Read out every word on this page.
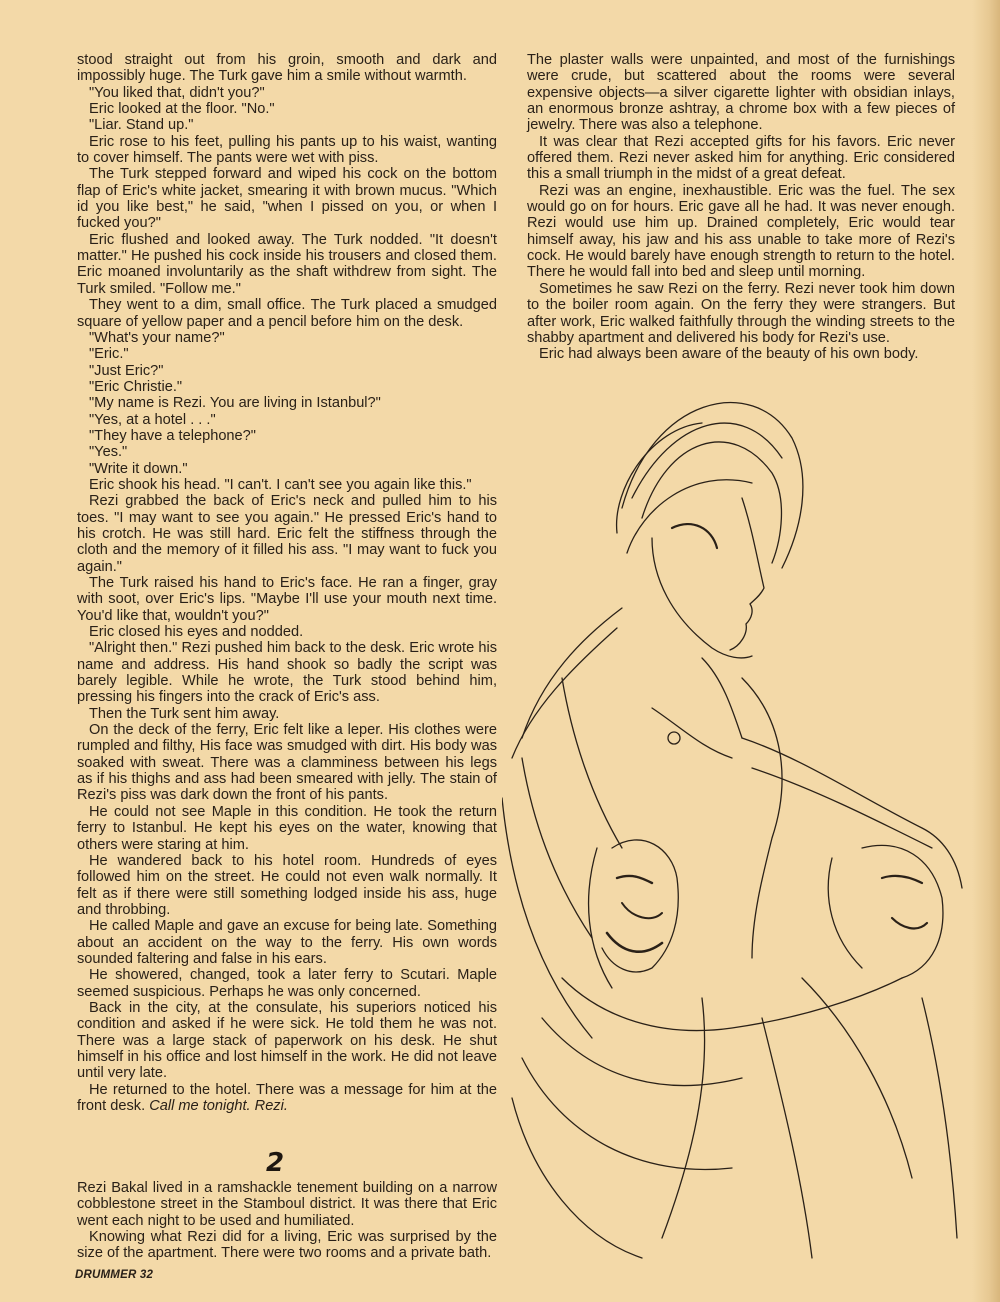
stood straight out from his groin, smooth and dark and impossibly huge. The Turk gave him a smile without warmth.

"You liked that, didn't you?"

Eric looked at the floor. "No."

"Liar. Stand up."

Eric rose to his feet, pulling his pants up to his waist, wanting to cover himself. The pants were wet with piss.

The Turk stepped forward and wiped his cock on the bottom flap of Eric's white jacket, smearing it with brown mucus. "Which id you like best," he said, "when I pissed on you, or when I fucked you?"

Eric flushed and looked away. The Turk nodded. "It doesn't matter." He pushed his cock inside his trousers and closed them. Eric moaned involuntarily as the shaft withdrew from sight. The Turk smiled. "Follow me."

They went to a dim, small office. The Turk placed a smudged square of yellow paper and a pencil before him on the desk.

"What's your name?"

"Eric."

"Just Eric?"

"Eric Christie."

"My name is Rezi. You are living in Istanbul?"

"Yes, at a hotel . . ."

"They have a telephone?"

"Yes."

"Write it down."

Eric shook his head. "I can't. I can't see you again like this."

Rezi grabbed the back of Eric's neck and pulled him to his toes. "I may want to see you again." He pressed Eric's hand to his crotch. He was still hard. Eric felt the stiffness through the cloth and the memory of it filled his ass. "I may want to fuck you again."

The Turk raised his hand to Eric's face. He ran a finger, gray with soot, over Eric's lips. "Maybe I'll use your mouth next time. You'd like that, wouldn't you?"

Eric closed his eyes and nodded.

"Alright then." Rezi pushed him back to the desk. Eric wrote his name and address. His hand shook so badly the script was barely legible. While he wrote, the Turk stood behind him, pressing his fingers into the crack of Eric's ass.

Then the Turk sent him away.

On the deck of the ferry, Eric felt like a leper. His clothes were rumpled and filthy, His face was smudged with dirt. His body was soaked with sweat. There was a clamminess between his legs as if his thighs and ass had been smeared with jelly. The stain of Rezi's piss was dark down the front of his pants.

He could not see Maple in this condition. He took the return ferry to Istanbul. He kept his eyes on the water, knowing that others were staring at him.

He wandered back to his hotel room. Hundreds of eyes followed him on the street. He could not even walk normally. It felt as if there were still something lodged inside his ass, huge and throbbing.

He called Maple and gave an excuse for being late. Something about an accident on the way to the ferry. His own words sounded faltering and false in his ears.

He showered, changed, took a later ferry to Scutari. Maple seemed suspicious. Perhaps he was only concerned.

Back in the city, at the consulate, his superiors noticed his condition and asked if he were sick. He told them he was not. There was a large stack of paperwork on his desk. He shut himself in his office and lost himself in the work. He did not leave until very late.

He returned to the hotel. There was a message for him at the front desk. Call me tonight. Rezi.

2

Rezi Bakal lived in a ramshackle tenement building on a narrow cobblestone street in the Stamboul district. It was there that Eric went each night to be used and humiliated.

Knowing what Rezi did for a living, Eric was surprised by the size of the apartment. There were two rooms and a private bath.

The plaster walls were unpainted, and most of the furnishings were crude, but scattered about the rooms were several expensive objects—a silver cigarette lighter with obsidian inlays, an enormous bronze ashtray, a chrome box with a few pieces of jewelry. There was also a telephone.

It was clear that Rezi accepted gifts for his favors. Eric never offered them. Rezi never asked him for anything. Eric considered this a small triumph in the midst of a great defeat.

Rezi was an engine, inexhaustible. Eric was the fuel. The sex would go on for hours. Eric gave all he had. It was never enough. Rezi would use him up. Drained completely, Eric would tear himself away, his jaw and his ass unable to take more of Rezi's cock. He would barely have enough strength to return to the hotel. There he would fall into bed and sleep until morning.

Sometimes he saw Rezi on the ferry. Rezi never took him down to the boiler room again. On the ferry they were strangers. But after work, Eric walked faithfully through the winding streets to the shabby apartment and delivered his body for Rezi's use.

Eric had always been aware of the beauty of his own body.

DRUMMER 32
